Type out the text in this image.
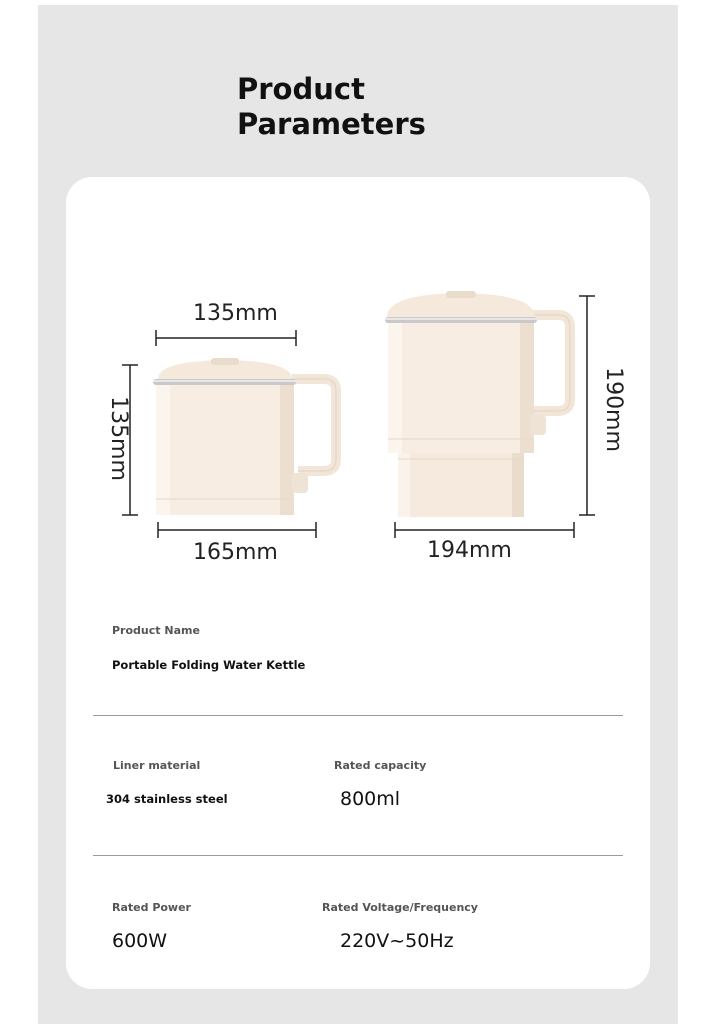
Product
Parameters
135mm
135mm
165mm
190mm
194mm
Product Name
Portable Folding Water Kettle
Liner material
304 stainless steel
Rated capacity
800ml
Rated Power
600W
Rated Voltage/Frequency
220V~50Hz
